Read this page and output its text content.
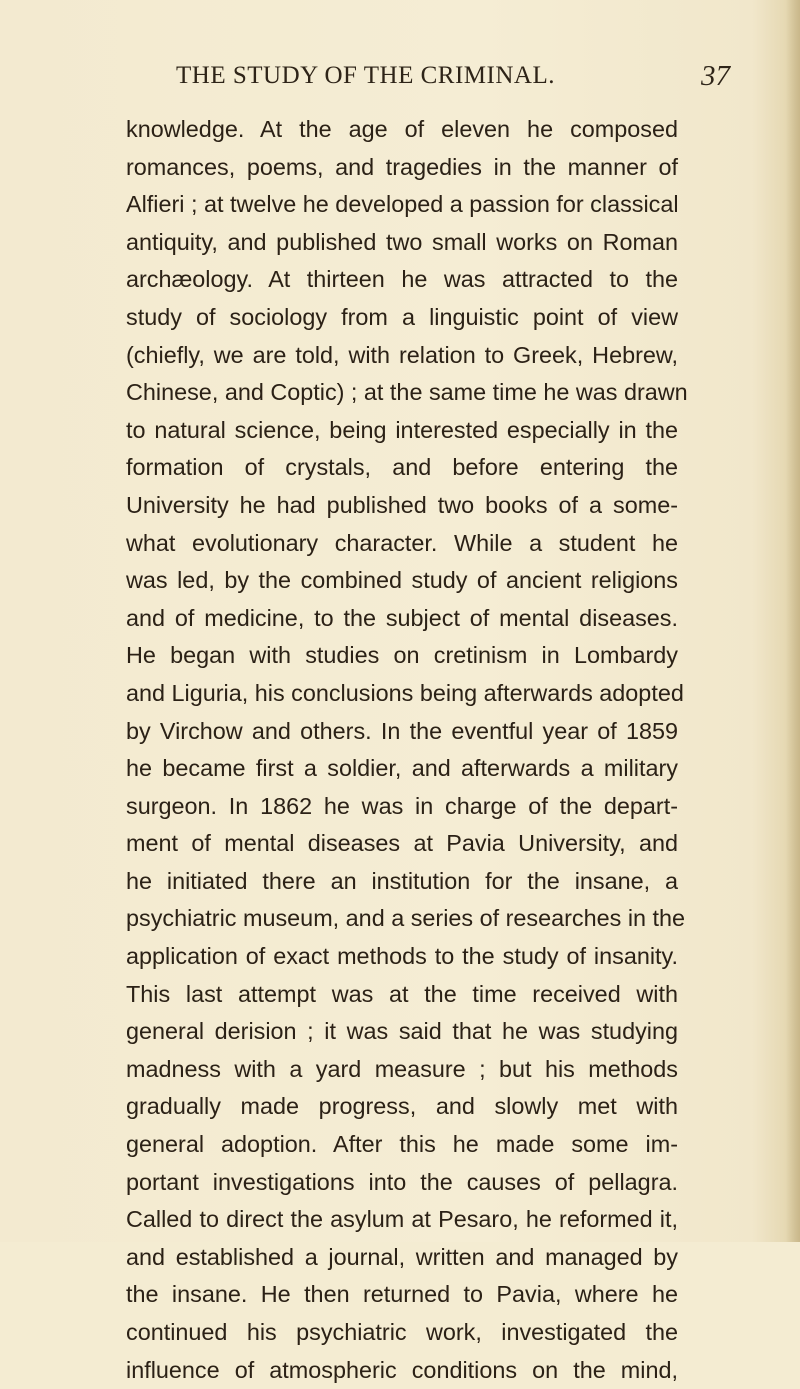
THE STUDY OF THE CRIMINAL.	37
knowledge. At the age of eleven he composed
romances, poems, and tragedies in the manner of
Alfieri ; at twelve he developed a passion for classical
antiquity, and published two small works on Roman
archæology. At thirteen he was attracted to the
study of sociology from a linguistic point of view
(chiefly, we are told, with relation to Greek, Hebrew,
Chinese, and Coptic) ; at the same time he was drawn
to natural science, being interested especially in the
formation of crystals, and before entering the
University he had published two books of a some-
what evolutionary character. While a student he
was led, by the combined study of ancient religions
and of medicine, to the subject of mental diseases.
He began with studies on cretinism in Lombardy
and Liguria, his conclusions being afterwards adopted
by Virchow and others. In the eventful year of 1859
he became first a soldier, and afterwards a military
surgeon. In 1862 he was in charge of the depart-
ment of mental diseases at Pavia University, and
he initiated there an institution for the insane, a
psychiatric museum, and a series of researches in the
application of exact methods to the study of insanity.
This last attempt was at the time received with
general derision ; it was said that he was studying
madness with a yard measure ; but his methods
gradually made progress, and slowly met with
general adoption. After this he made some im-
portant investigations into the causes of pellagra.
Called to direct the asylum at Pesaro, he reformed it,
and established a journal, written and managed by
the insane. He then returned to Pavia, where he
continued his psychiatric work, investigated the
influence of atmospheric conditions on the mind,
